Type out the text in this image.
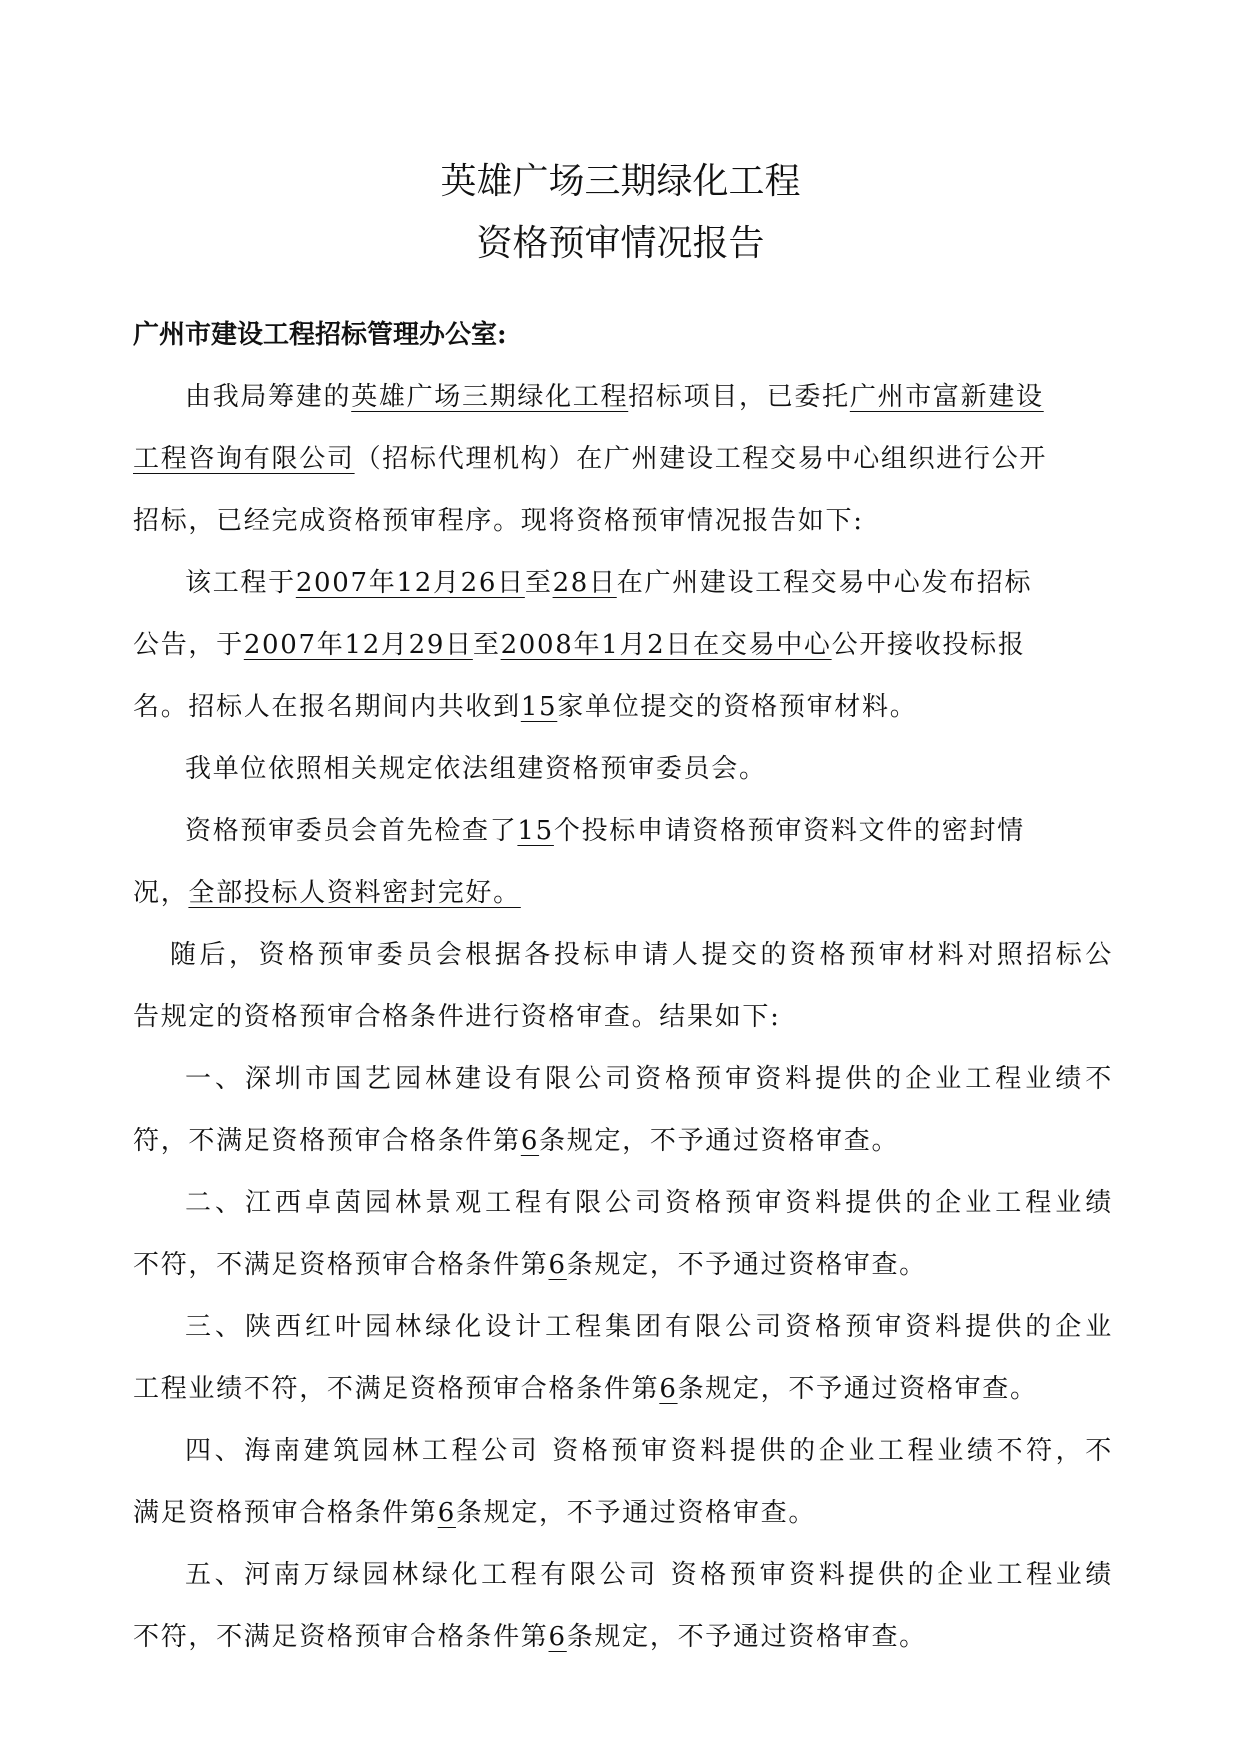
英雄广场三期绿化工程
资格预审情况报告

广州市建设工程招标管理办公室:

由我局筹建的英雄广场三期绿化工程招标项目，已委托广州市富新建设

工程咨询有限公司（招标代理机构）在广州建设工程交易中心组织进行公开

招标，已经完成资格预审程序。现将资格预审情况报告如下:

该工程于2007年12月26日至28日在广州建设工程交易中心发布招标

公告，于2007年12月29日至2008年1月2日在交易中心公开接收投标报

名。招标人在报名期间内共收到15家单位提交的资格预审材料。

我单位依照相关规定依法组建资格预审委员会。

资格预审委员会首先检查了15个投标申请资格预审资料文件的密封情

况，全部投标人资料密封完好。

随后，资格预审委员会根据各投标申请人提交的资格预审材料对照招标公

告规定的资格预审合格条件进行资格审查。结果如下:

一、深圳市国艺园林建设有限公司资格预审资料提供的企业工程业绩不

符，不满足资格预审合格条件第6条规定，不予通过资格审查。

二、江西卓茵园林景观工程有限公司资格预审资料提供的企业工程业绩

不符，不满足资格预审合格条件第6条规定，不予通过资格审查。

三、陕西红叶园林绿化设计工程集团有限公司资格预审资料提供的企业

工程业绩不符，不满足资格预审合格条件第6条规定，不予通过资格审查。

四、海南建筑园林工程公司 资格预审资料提供的企业工程业绩不符，不

满足资格预审合格条件第6条规定，不予通过资格审查。

五、河南万绿园林绿化工程有限公司 资格预审资料提供的企业工程业绩

不符，不满足资格预审合格条件第6条规定，不予通过资格审查。
